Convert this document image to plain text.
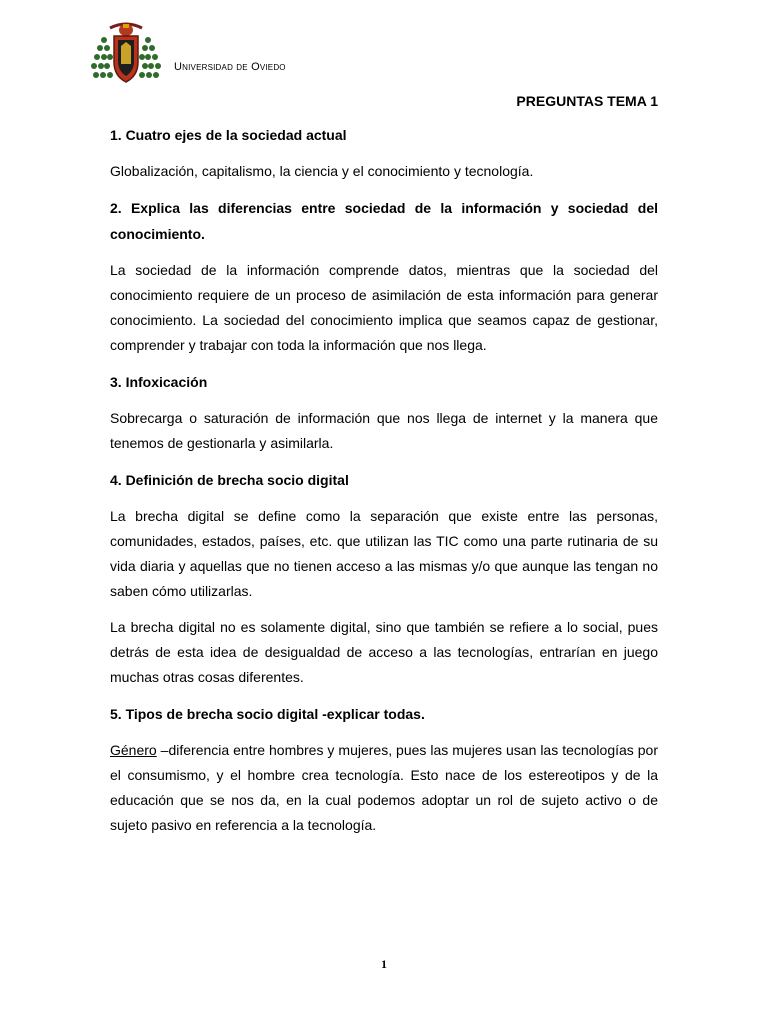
Universidad de Oviedo
PREGUNTAS TEMA 1
1. Cuatro ejes de la sociedad actual
Globalización, capitalismo, la ciencia y el conocimiento y tecnología.
2. Explica las diferencias entre sociedad de la información y sociedad del conocimiento.
La sociedad de la información comprende datos, mientras que la sociedad del conocimiento requiere de un proceso de asimilación de esta información para generar conocimiento. La sociedad del conocimiento implica que seamos capaz de gestionar, comprender y trabajar con toda la información que nos llega.
3. Infoxicación
Sobrecarga o saturación de información que nos llega de internet y la manera que tenemos de gestionarla y asimilarla.
4. Definición de brecha socio digital
La brecha digital se define como la separación que existe entre las personas, comunidades, estados, países, etc. que utilizan las TIC como una parte rutinaria de su vida diaria y aquellas que no tienen acceso a las mismas y/o que aunque las tengan no saben cómo utilizarlas.
La brecha digital no es solamente digital, sino que también se refiere a lo social, pues detrás de esta idea de desigualdad de acceso a las tecnologías, entrarían en juego muchas otras cosas diferentes.
5. Tipos de brecha socio digital -explicar todas.
Género –diferencia entre hombres y mujeres, pues las mujeres usan las tecnologías por el consumismo, y el hombre crea tecnología. Esto nace de los estereotipos y de la educación que se nos da, en la cual podemos adoptar un rol de sujeto activo o de sujeto pasivo en referencia a la tecnología.
1
